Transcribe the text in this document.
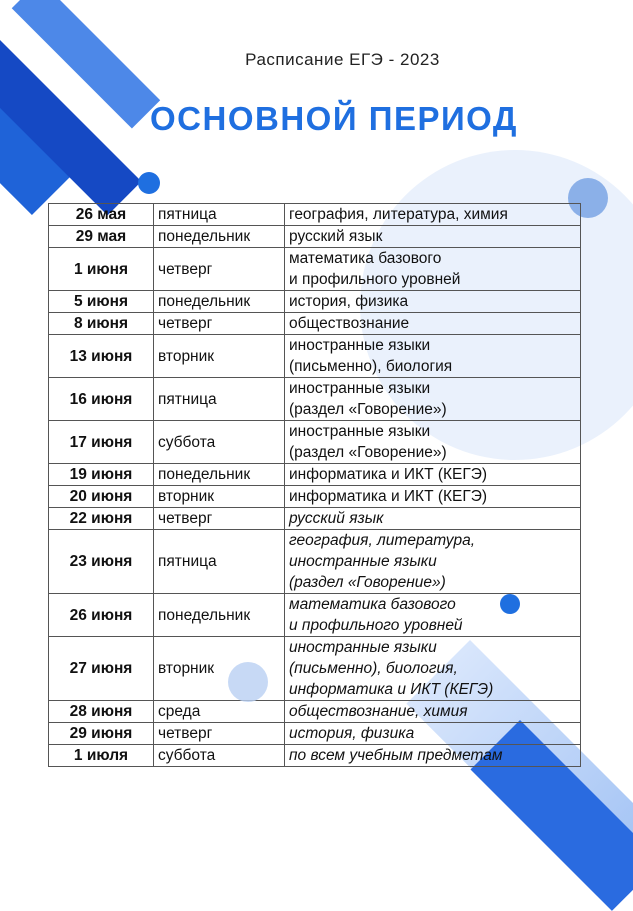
Расписание ЕГЭ - 2023
ОСНОВНОЙ ПЕРИОД
26 мая	пятница	география, литература, химия

29 мая	понедельник	русский язык

1 июня	четверг	математика базового
и профильного уровней

5 июня	понедельник	история, физика

8 июня	четверг	обществознание

13 июня	вторник	иностранные языки
(письменно), биология

16 июня	пятница	иностранные языки
(раздел «Говорение»)

17 июня	суббота	иностранные языки
(раздел «Говорение»)

19 июня	понедельник	информатика и ИКТ (КЕГЭ)

20 июня	вторник	информатика и ИКТ (КЕГЭ)

22 июня	четверг	русский язык

23 июня	пятница	география, литература,
иностранные языки
(раздел «Говорение»)

26 июня	понедельник	математика базового
и профильного уровней

27 июня	вторник	иностранные языки
(письменно), биология,
информатика и ИКТ (КЕГЭ)

28 июня	среда	обществознание, химия

29 июня	четверг	история, физика

1 июля	суббота	по всем учебным предметам
